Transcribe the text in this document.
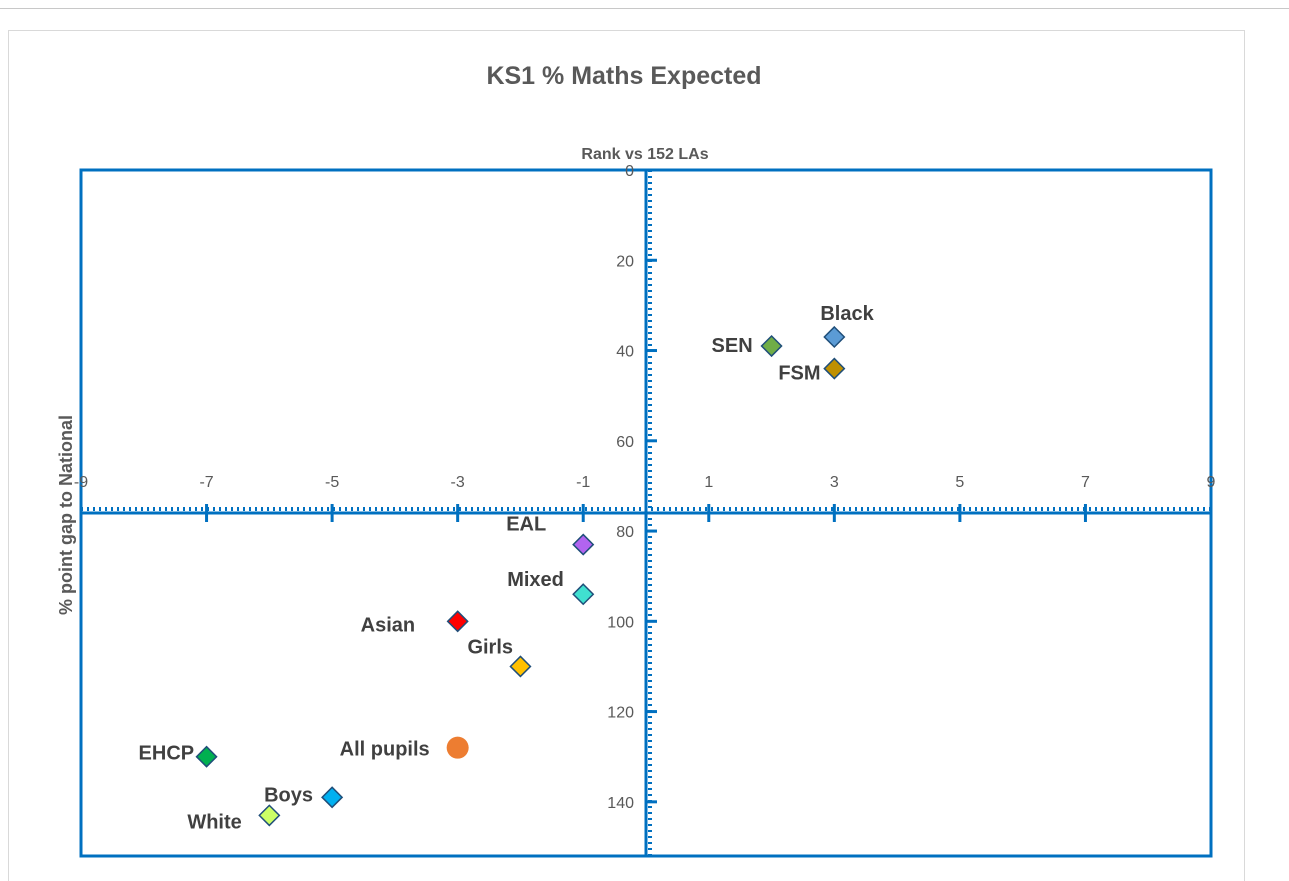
KS1 % Maths Expected
Rank vs 152 LAs
% point gap to National
-9	-7	-5	-3	-1	1	3	5	7	9
0
20
40
60
80
100
120
140
Black
SEN
FSM
EAL
Mixed
Asian
Girls
All pupils
EHCP
Boys
White
